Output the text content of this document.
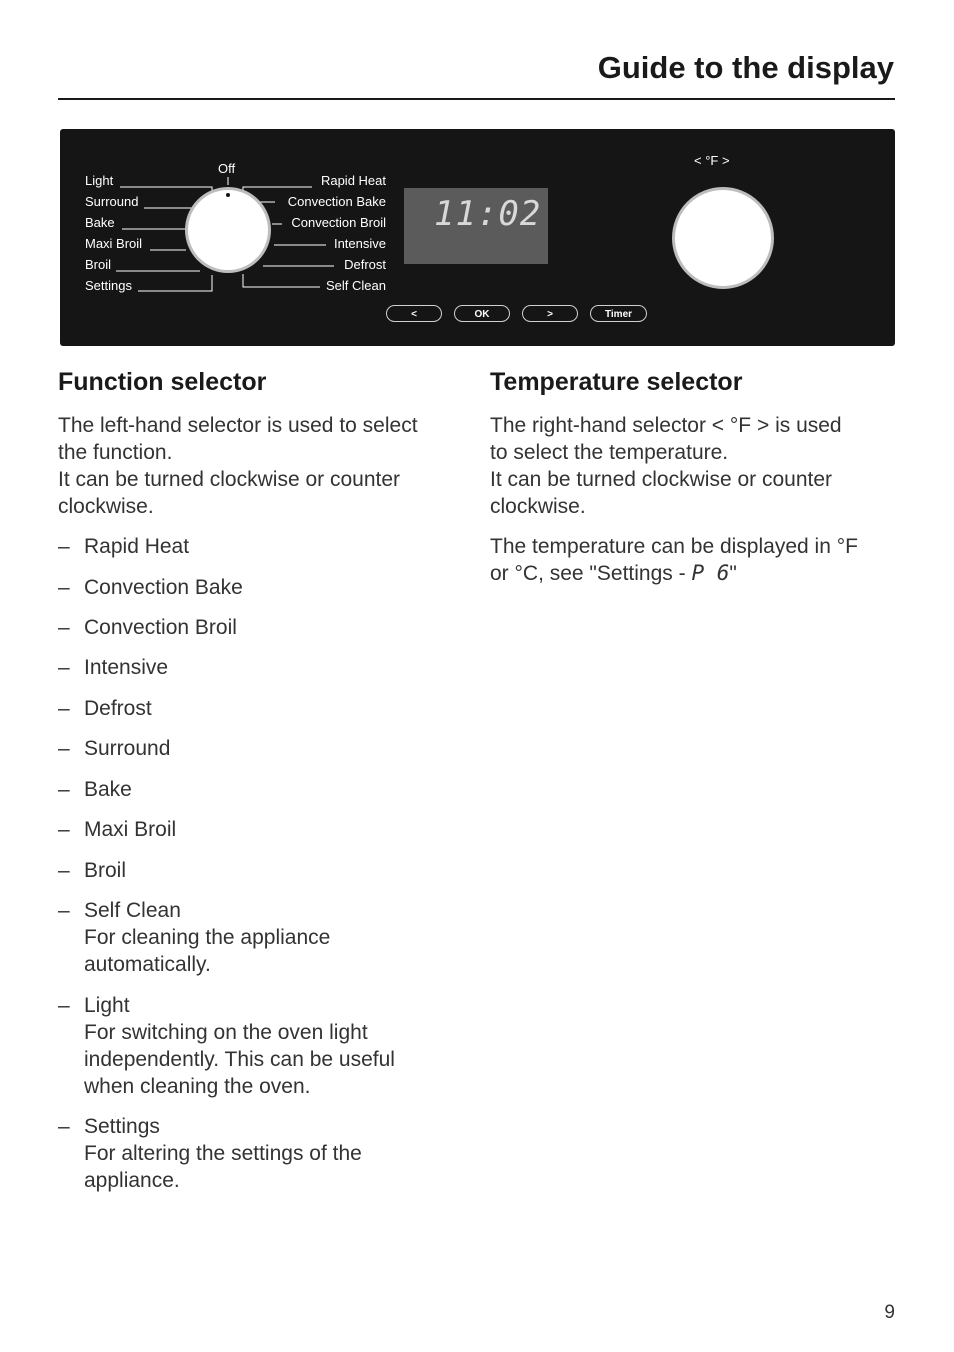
Guide to the display
Off
Light
Surround
Bake
Maxi Broil
Broil
Settings
Rapid Heat
Convection Bake
Convection Broil
Intensive
Defrost
Self Clean
11:02
< °F >
<	OK	>	Timer
Function selector
The left-hand selector is used to select
the function.
It can be turned clockwise or counter
clockwise.
– Rapid Heat
– Convection Bake
– Convection Broil
– Intensive
– Defrost
– Surround
– Bake
– Maxi Broil
– Broil
– Self Clean
For cleaning the appliance
automatically.
– Light
For switching on the oven light
independently. This can be useful
when cleaning the oven.
– Settings
For altering the settings of the
appliance.
Temperature selector
The right-hand selector < °F > is used
to select the temperature.
It can be turned clockwise or counter
clockwise.
The temperature can be displayed in °F
or °C, see "Settings - P 6"
9
